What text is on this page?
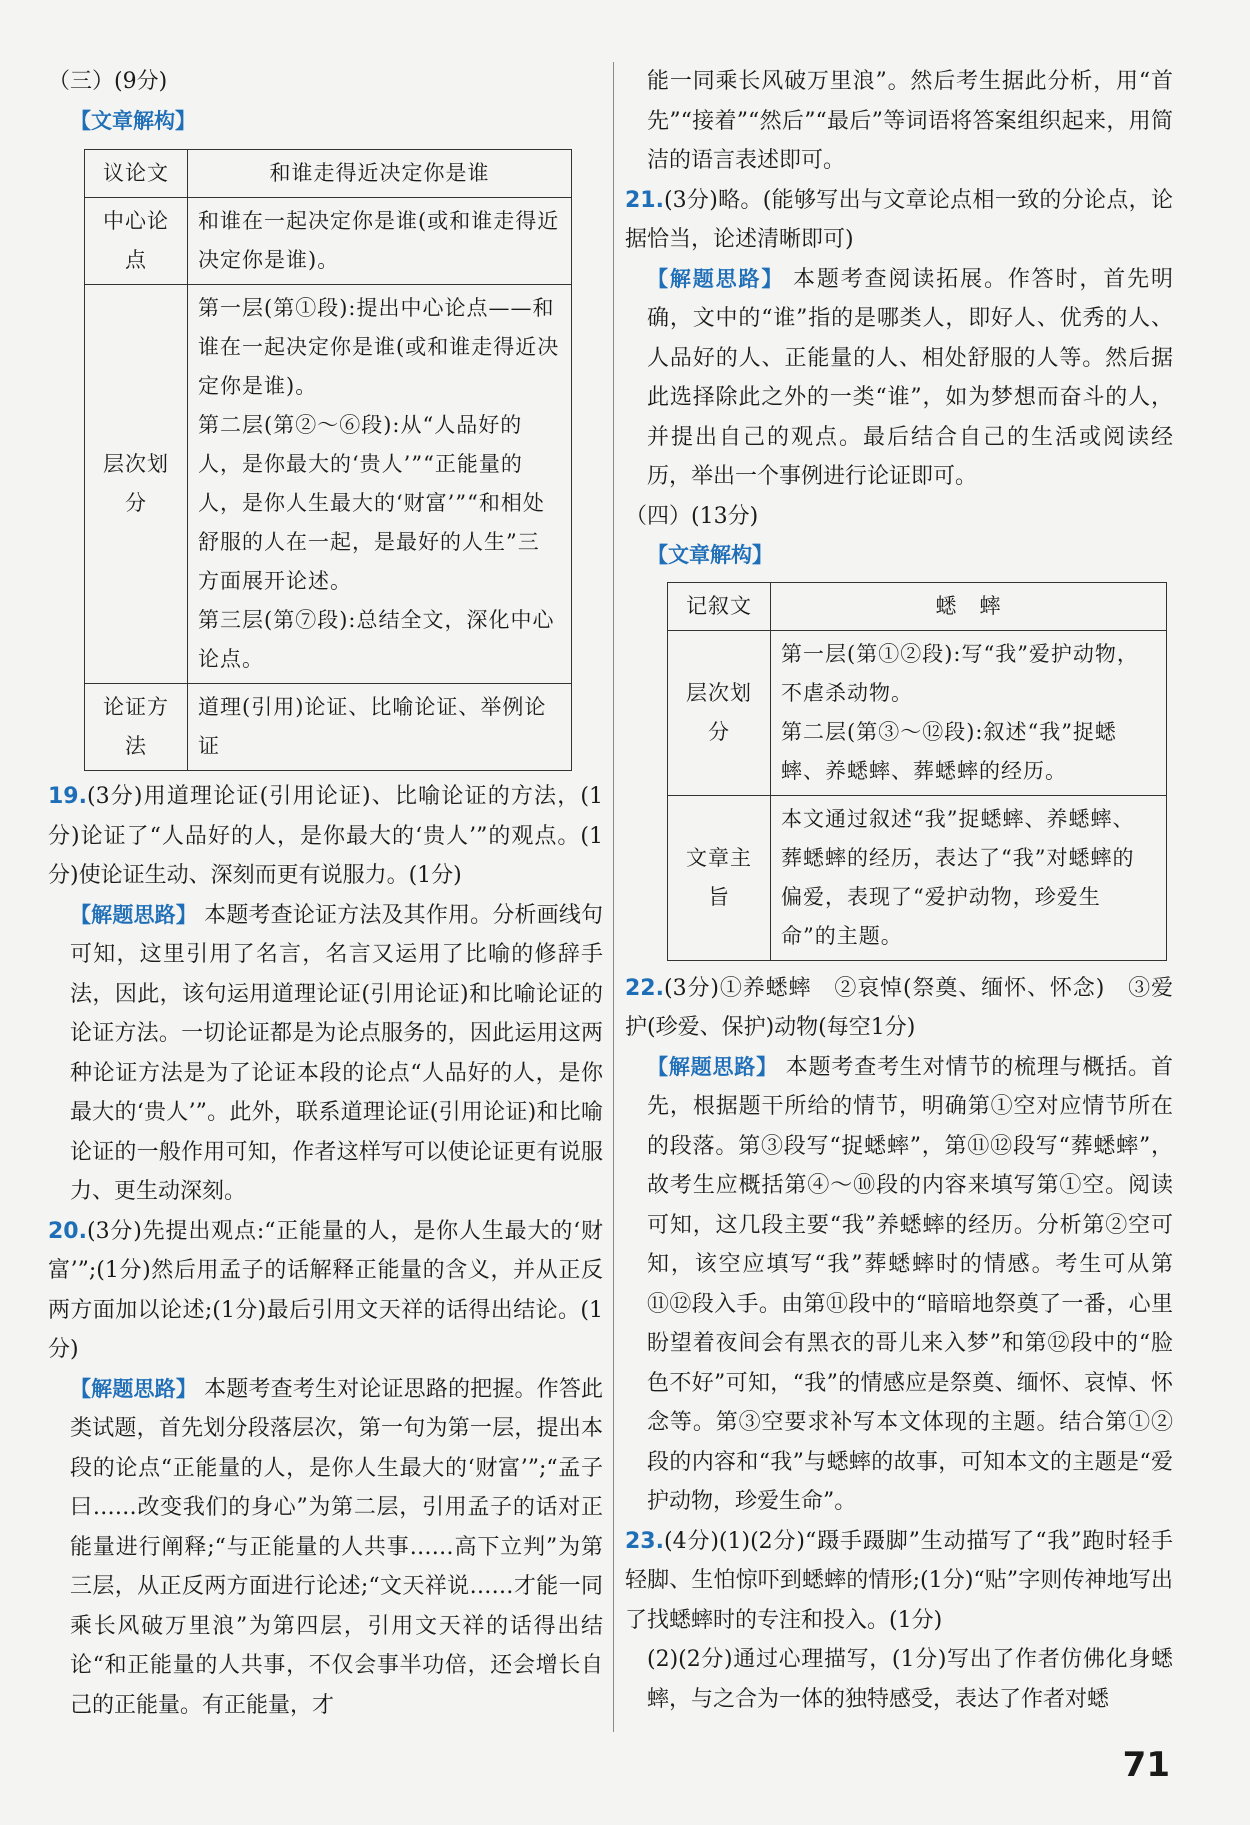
（三）(9分)

【文章解构】

议论文	和谁走得近决定你是谁
中心论点	和谁在一起决定你是谁(或和谁走得近决定你是谁)。
层次划分	第一层(第①段):提出中心论点——和谁在一起决定你是谁(或和谁走得近决定你是谁)。
第二层(第②～⑥段):从“人品好的人，是你最大的‘贵人’”“正能量的人，是你人生最大的‘财富’”“和相处舒服的人在一起，是最好的人生”三方面展开论述。
第三层(第⑦段):总结全文，深化中心论点。

论证方法	道理(引用)论证、比喻论证、举例论证

19.(3分)用道理论证(引用论证)、比喻论证的方法，(1分)论证了“人品好的人，是你最大的‘贵人’”的观点。(1分)使论证生动、深刻而更有说服力。(1分)

【解题思路】 本题考查论证方法及其作用。分析画线句可知，这里引用了名言，名言又运用了比喻的修辞手法，因此，该句运用道理论证(引用论证)和比喻论证的论证方法。一切论证都是为论点服务的，因此运用这两种论证方法是为了论证本段的论点“人品好的人，是你最大的‘贵人’”。此外，联系道理论证(引用论证)和比喻论证的一般作用可知，作者这样写可以使论证更有说服力、更生动深刻。

20.(3分)先提出观点:“正能量的人，是你人生最大的‘财富’”;(1分)然后用孟子的话解释正能量的含义，并从正反两方面加以论述;(1分)最后引用文天祥的话得出结论。(1分)

【解题思路】 本题考查考生对论证思路的把握。作答此类试题，首先划分段落层次，第一句为第一层，提出本段的论点“正能量的人，是你人生最大的‘财富’”;“孟子曰……改变我们的身心”为第二层，引用孟子的话对正能量进行阐释;“与正能量的人共事……高下立判”为第三层，从正反两方面进行论述;“文天祥说……才能一同乘长风破万里浪”为第四层，引用文天祥的话得出结论“和正能量的人共事，不仅会事半功倍，还会增长自己的正能量。有正能量，才

能一同乘长风破万里浪”。然后考生据此分析，用“首先”“接着”“然后”“最后”等词语将答案组织起来，用简洁的语言表述即可。

21.(3分)略。(能够写出与文章论点相一致的分论点，论据恰当，论述清晰即可)

【解题思路】 本题考查阅读拓展。作答时，首先明确，文中的“谁”指的是哪类人，即好人、优秀的人、人品好的人、正能量的人、相处舒服的人等。然后据此选择除此之外的一类“谁”，如为梦想而奋斗的人，并提出自己的观点。最后结合自己的生活或阅读经历，举出一个事例进行论证即可。

（四）(13分)

【文章解构】

记叙文	蟋　蟀
层次划分	第一层(第①②段):写“我”爱护动物，不虐杀动物。
第二层(第③～⑫段):叙述“我”捉蟋蟀、养蟋蟀、葬蟋蟀的经历。

文章主旨	本文通过叙述“我”捉蟋蟀、养蟋蟀、葬蟋蟀的经历，表达了“我”对蟋蟀的偏爱，表现了“爱护动物，珍爱生命”的主题。

22.(3分)①养蟋蟀　②哀悼(祭奠、缅怀、怀念)　③爱护(珍爱、保护)动物(每空1分)

【解题思路】 本题考查考生对情节的梳理与概括。首先，根据题干所给的情节，明确第①空对应情节所在的段落。第③段写“捉蟋蟀”，第⑪⑫段写“葬蟋蟀”，故考生应概括第④～⑩段的内容来填写第①空。阅读可知，这几段主要“我”养蟋蟀的经历。分析第②空可知，该空应填写“我”葬蟋蟀时的情感。考生可从第⑪⑫段入手。由第⑪段中的“暗暗地祭奠了一番，心里盼望着夜间会有黑衣的哥儿来入梦”和第⑫段中的“脸色不好”可知，“我”的情感应是祭奠、缅怀、哀悼、怀念等。第③空要求补写本文体现的主题。结合第①②段的内容和“我”与蟋蟀的故事，可知本文的主题是“爱护动物，珍爱生命”。

23.(4分)(1)(2分)“蹑手蹑脚”生动描写了“我”跑时轻手轻脚、生怕惊吓到蟋蟀的情形;(1分)“贴”字则传神地写出了找蟋蟀时的专注和投入。(1分)

(2)(2分)通过心理描写，(1分)写出了作者仿佛化身蟋蟀，与之合为一体的独特感受，表达了作者对蟋

71
